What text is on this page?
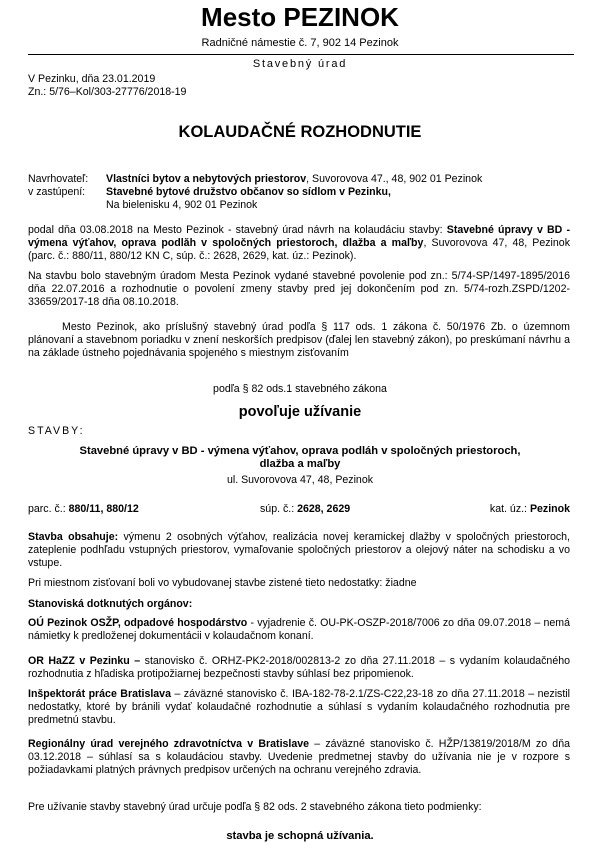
Mesto PEZINOK
Radničné námestie č. 7, 902 14 Pezinok
Stavebný úrad
V Pezinku, dňa 23.01.2019
Zn.: 5/76–Kol/303-27776/2018-19
KOLAUDAČNÉ ROZHODNUTIE
Navrhovateľ:	Vlastníci bytov a nebytových priestorov, Suvorovova 47., 48, 902 01 Pezinok
v zastúpení:	Stavebné bytové družstvo občanov so sídlom v Pezinku,
Na bielenisku 4, 902 01 Pezinok
podal dňa 03.08.2018 na Mesto Pezinok - stavebný úrad návrh na kolaudáciu stavby: Stavebné úpravy v BD - výmena výťahov, oprava podlăh v spoločných priestoroch, dlažba a maľby, Suvorovova 47, 48, Pezinok (parc. č.: 880/11, 880/12 KN C, súp. č.: 2628, 2629, kat. úz.: Pezinok).
Na stavbu bolo stavebným úradom Mesta Pezinok vydané stavebné povolenie pod zn.: 5/74-SP/1497-1895/2016 dňa 22.07.2016 a rozhodnutie o povolení zmeny stavby pred jej dokončením pod zn. 5/74-rozh.ZSPD/1202-33659/2017-18 dňa 08.10.2018.
Mesto Pezinok, ako príslušný stavebný úrad podľa § 117 ods. 1 zákona č. 50/1976 Zb. o územnom plánovaní a stavebnom poriadku v znení neskorších predpisov (ďalej len stavebný zákon), po preskúmaní návrhu a na základe ústneho pojednávania spojeného s miestnym zisťovaním
podľa § 82 ods.1 stavebného zákona
povoľuje užívanie
STAVBY:
Stavebné úpravy v BD - výmena výťahov, oprava podláh v spoločných priestoroch,
dlažba a maľby
ul. Suvorovova 47, 48, Pezinok
parc. č.: 880/11, 880/12	súp. č.: 2628, 2629	kat. úz.: Pezinok
Stavba obsahuje: výmenu 2 osobných výťahov, realizácia novej keramickej dlažby v spoločných priestoroch, zateplenie podhľadu vstupných priestorov, vymaľovanie spoločných priestorov a olejový náter na schodisku a vo vstupe.
Pri miestnom zisťovaní boli vo vybudovanej stavbe zistené tieto nedostatky: žiadne
Stanoviská dotknutých orgánov:
OÚ Pezinok OSŽP, odpadové hospodárstvo - vyjadrenie č. OU-PK-OSZP-2018/7006 zo dňa 09.07.2018 – nemá námietky k predloženej dokumentácii v kolaudačnom konaní.
OR HaZZ v Pezinku – stanovisko č. ORHZ-PK2-2018/002813-2 zo dňa 27.11.2018 – s vydaním kolaudačného rozhodnutia z hľadiska protipožiarnej bezpečnosti stavby súhlasí bez pripomienok.
Inšpektorát práce Bratislava – záväzné stanovisko č. IBA-182-78-2.1/ZS-C22,23-18 zo dňa 27.11.2018 – nezistil nedostatky, ktoré by bránili vydať kolaudačné rozhodnutie a súhlasí s vydaním kolaudačného rozhodnutia pre predmetnú stavbu.
Regionálny úrad verejného zdravotníctva v Bratislave – záväzné stanovisko č. HŽP/13819/2018/M zo dňa 03.12.2018 – súhlasí sa s kolaudáciou stavby. Uvedenie predmetnej stavby do užívania nie je v rozpore s požiadavkami platných právnych predpisov určených na ochranu verejného zdravia.
Pre užívanie stavby stavebný úrad určuje podľa § 82 ods. 2 stavebného zákona tieto podmienky:
stavba je schopná užívania.
